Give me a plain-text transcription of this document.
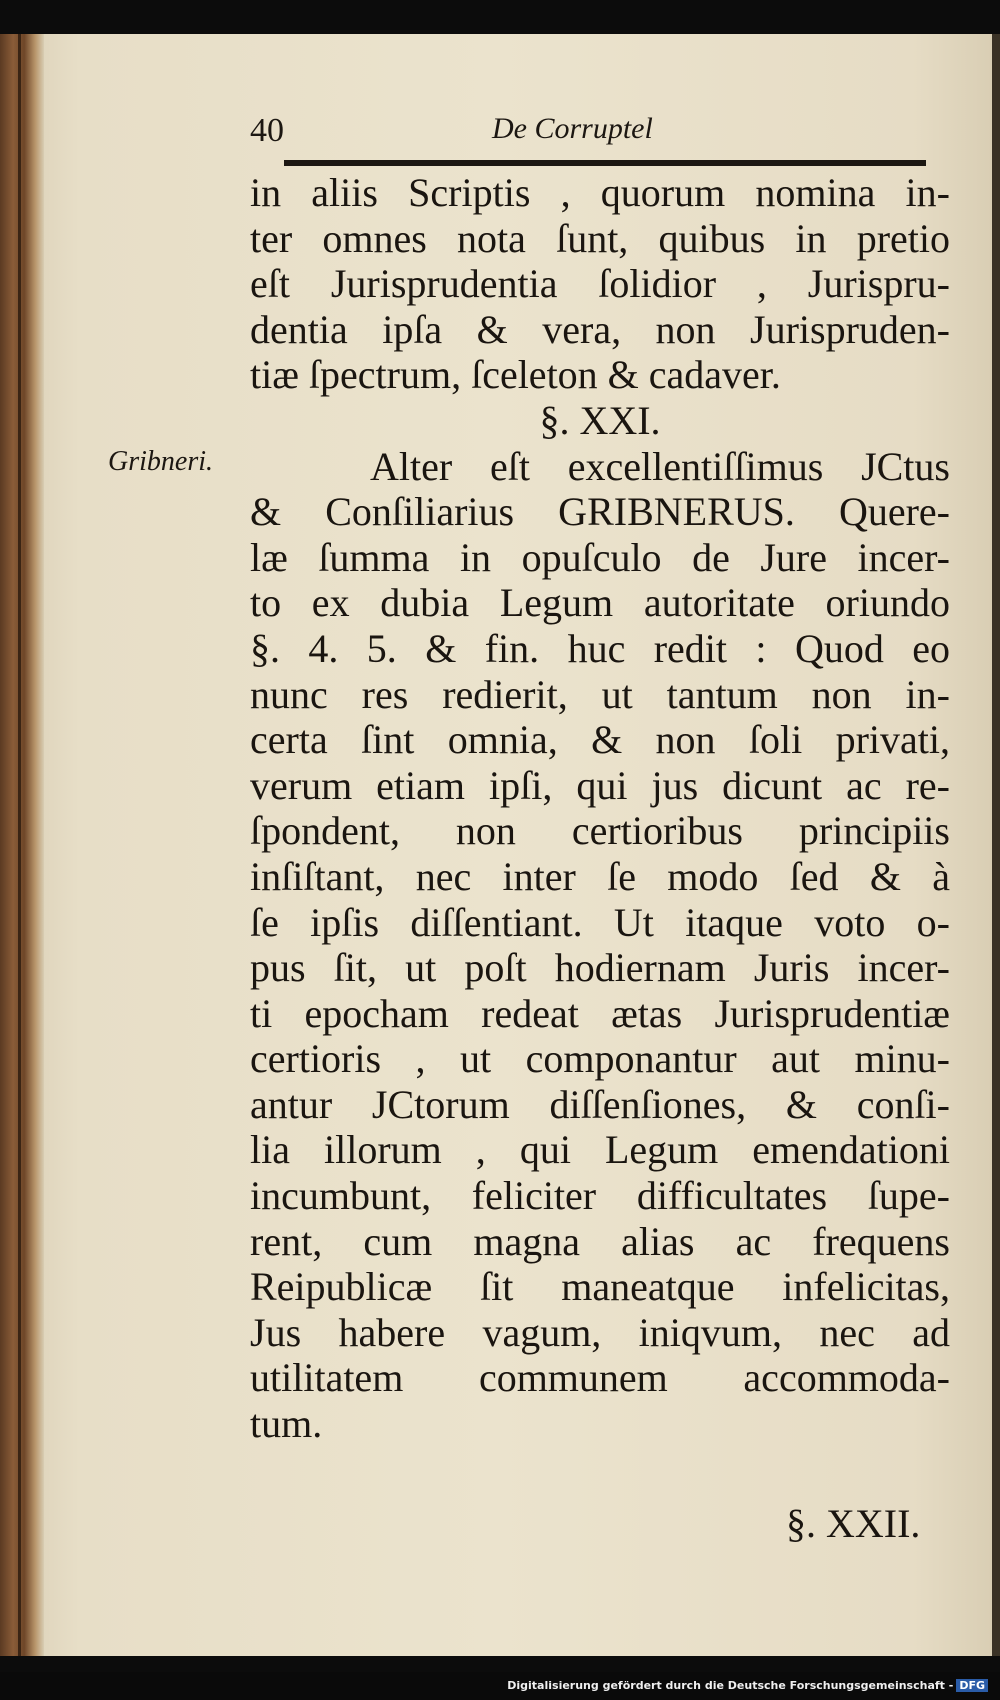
40	De Corruptel
Gribneri.
in aliis Scriptis , quorum nomina in-
ter omnes nota ſunt, quibus in pretio
eſt Jurisprudentia ſolidior , Jurispru-
dentia ipſa & vera, non Jurispruden-
tiæ ſpectrum, ſceleton & cadaver.
§. XXI.
Alter eſt excellentiſſimus JCtus
& Conſiliarius GRIBNERUS. Quere-
læ ſumma in opuſculo de Jure incer-
to ex dubia Legum autoritate oriundo
§. 4. 5. & fin. huc redit : Quod eo
nunc res redierit, ut tantum non in-
certa ſint omnia, & non ſoli privati,
verum etiam ipſi, qui jus dicunt ac re-
ſpondent, non certioribus principiis
inſiſtant, nec inter ſe modo ſed & à
ſe ipſis diſſentiant. Ut itaque voto o-
pus ſit, ut poſt hodiernam Juris incer-
ti epocham redeat ætas Jurisprudentiæ
certioris , ut componantur aut minu-
antur JCtorum diſſenſiones, & conſi-
lia illorum , qui Legum emendationi
incumbunt, feliciter difficultates ſupe-
rent, cum magna alias ac frequens
Reipublicæ ſit maneatque infelicitas,
Jus habere vagum, iniqvum, nec ad
utilitatem communem accommoda-
tum.
§. XXII.
Digitalisierung gefördert durch die Deutsche Forschungsgemeinschaft - DFG
